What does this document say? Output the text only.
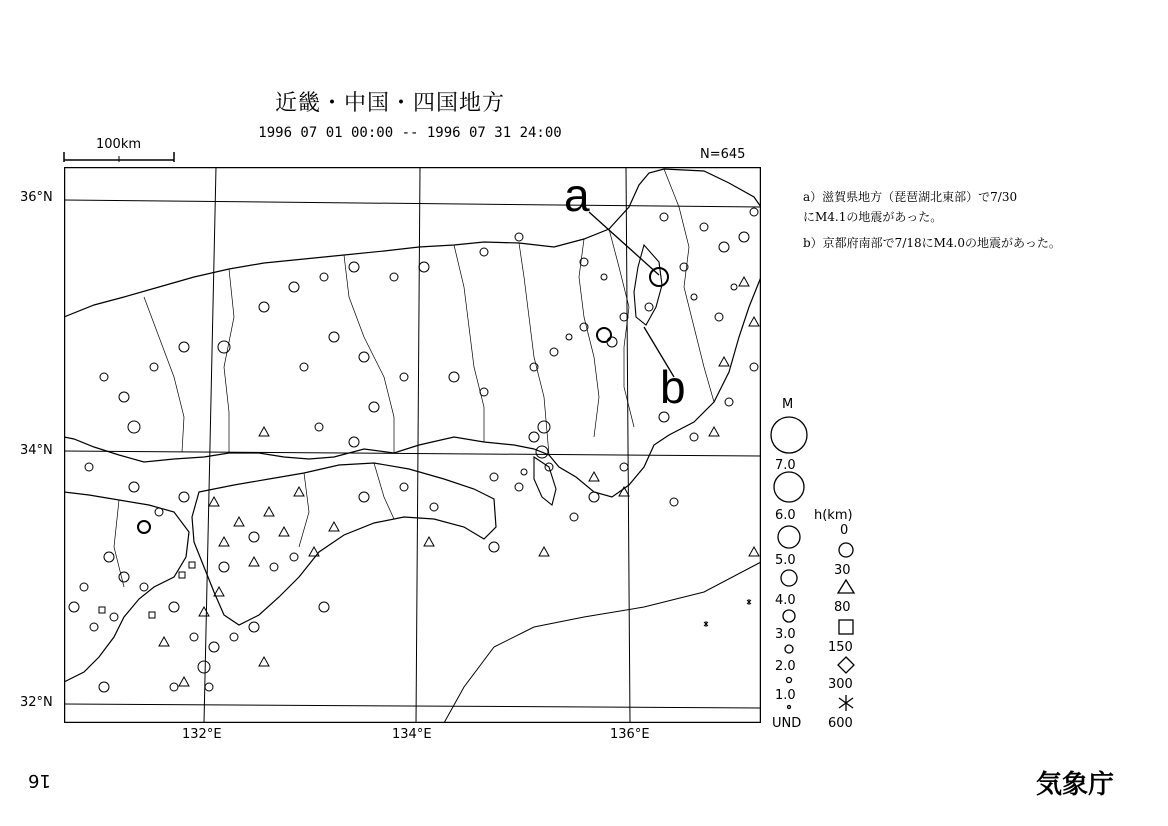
近畿・中国・四国地方
1996 07 01 00:00 -- 1996 07 31 24:00
100km
N=645
36°N
34°N
32°N
132°E	134°E	136°E
a
b
a）滋賀県地方（琵琶湖北東部）で7/30
にM4.1の地震があった。
b）京都府南部で7/18にM4.0の地震があった。
M
7.0
6.0
5.0
4.0
3.0
2.0
1.0
UND
h(km)
0
30
80
150
300
600
16	気象庁
